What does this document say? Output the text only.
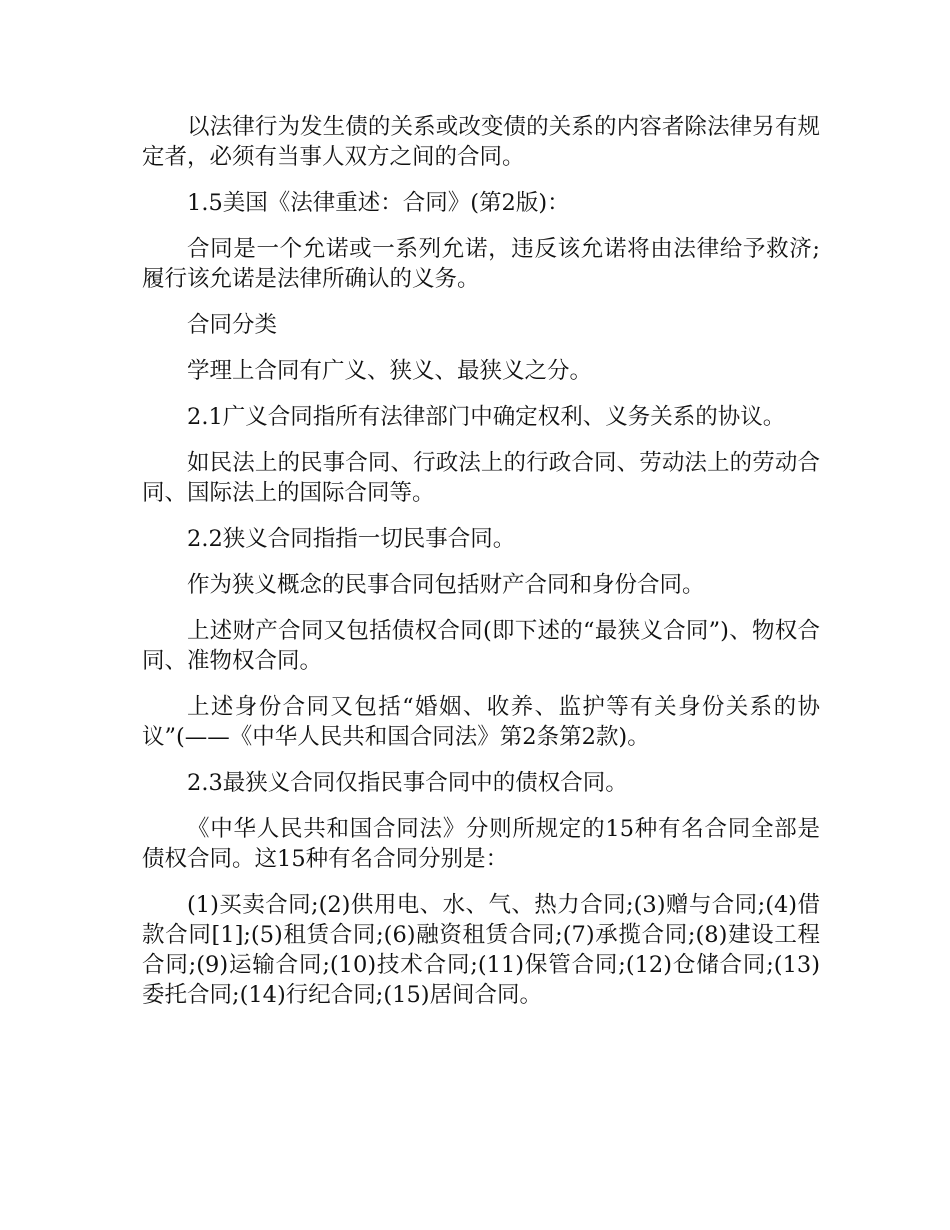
以法律行为发生债的关系或改变债的关系的内容者除法律另有规定者，必须有当事人双方之间的合同。

1.5美国《法律重述：合同》(第2版)：

合同是一个允诺或一系列允诺，违反该允诺将由法律给予救济;履行该允诺是法律所确认的义务。

合同分类

学理上合同有广义、狭义、最狭义之分。

2.1广义合同指所有法律部门中确定权利、义务关系的协议。

如民法上的民事合同、行政法上的行政合同、劳动法上的劳动合同、国际法上的国际合同等。

2.2狭义合同指指一切民事合同。

作为狭义概念的民事合同包括财产合同和身份合同。

上述财产合同又包括债权合同(即下述的“最狭义合同”)、物权合同、准物权合同。

上述身份合同又包括“婚姻、收养、监护等有关身份关系的协议”(——《中华人民共和国合同法》第2条第2款)。

2.3最狭义合同仅指民事合同中的债权合同。

《中华人民共和国合同法》分则所规定的15种有名合同全部是债权合同。这15种有名合同分别是：

(1)买卖合同;(2)供用电、水、气、热力合同;(3)赠与合同;(4)借款合同[1];(5)租赁合同;(6)融资租赁合同;(7)承揽合同;(8)建设工程合同;(9)运输合同;(10)技术合同;(11)保管合同;(12)仓储合同;(13)委托合同;(14)行纪合同;(15)居间合同。
